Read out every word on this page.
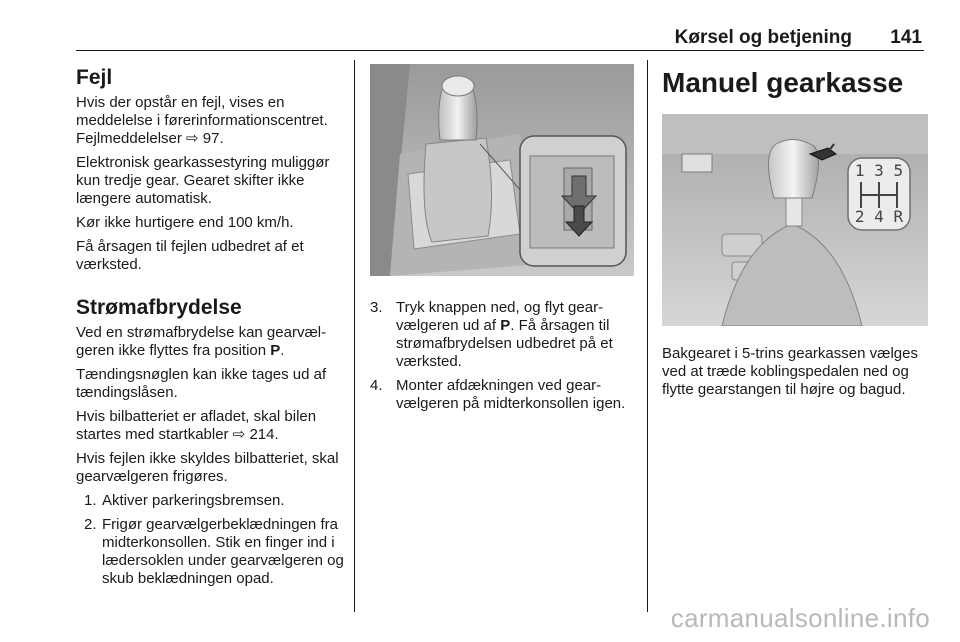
Kørsel og betjening 141
Fejl

Hvis der opstår en fejl, vises en meddelelse i førerinformationscentret. Fejlmeddelelser ⇨ 97.

Elektronisk gearkassestyring muliggør kun tredje gear. Gearet skifter ikke længere automatisk.

Kør ikke hurtigere end 100 km/h.

Få årsagen til fejlen udbedret af et værksted.

Strømafbrydelse

Ved en strømafbrydelse kan gearvælgeren ikke flyttes fra position P.

Tændingsnøglen kan ikke tages ud af tændingslåsen.

Hvis bilbatteriet er afladet, skal bilen startes med startkabler ⇨ 214.

Hvis fejlen ikke skyldes bilbatteriet, skal gearvælgeren frigøres.

1. Aktiver parkeringsbremsen.
2. Frigør gearvælgerbeklædningen fra midterkonsollen. Stik en finger ind i lædersoklen under gearvælgeren og skub beklædningen opad.
3. Tryk knappen ned, og flyt gearvælgeren ud af P. Få årsagen til strømafbrydelsen udbedret på et værksted.
4. Monter afdækningen ved gearvælgeren på midterkonsollen igen.
Manuel gearkasse
1 3 5
2 4 R

Bakgearet i 5-trins gearkassen vælges ved at træde koblingspedalen ned og flytte gearstangen til højre og bagud.

carmanualsonline.info
